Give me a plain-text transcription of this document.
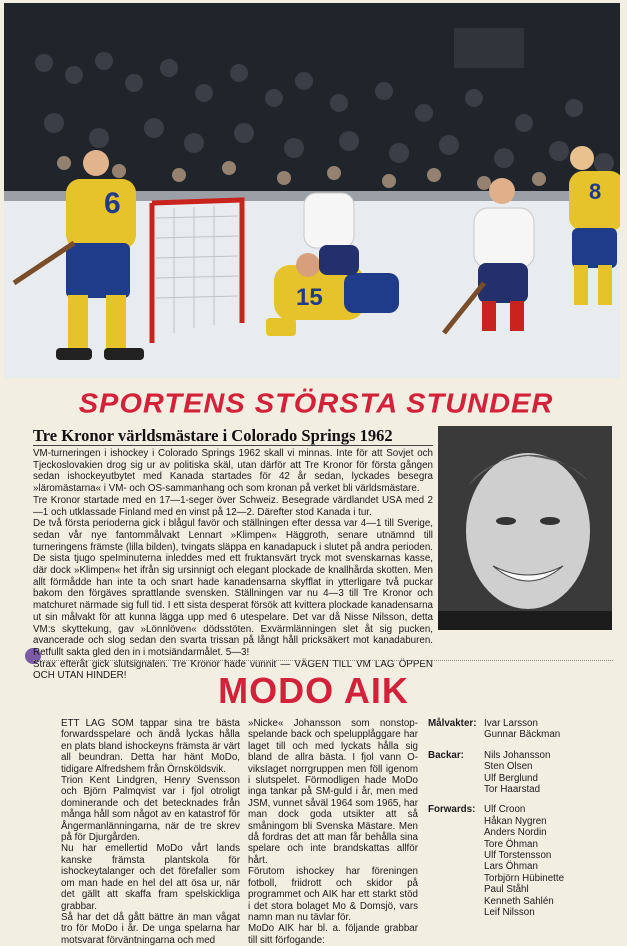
6
15
8
SPORTENS STÖRSTA STUNDER
Tre Kronor världsmästare i Colorado Springs 1962
VM-turneringen i ishockey i Colorado Springs 1962 skall vi minnas. Inte för att Sovjet och Tjeckoslovakien drog sig ur av politiska skäl, utan därför att Tre Kronor för första gången sedan ishockeyutbytet med Kanada startades för 42 år sedan, lyckades besegra »läromästarna« i VM- och OS-sammanhang och som kronan på verket bli världsmästare.
Tre Kronor startade med en 17—1-seger över Schweiz. Besegrade värdlandet USA med 2—1 och utklassade Finland med en vinst på 12—2. Därefter stod Kanada i tur.
De två första perioderna gick i blågul favör och ställningen efter dessa var 4—1 till Sverige, sedan vår nye fantommålvakt Lennart »Klimpen« Häggroth, senare utnämnd till turneringens främste (lilla bilden), tvingats släppa en kanadapuck i slutet på andra perioden. De sista tjugo speIminuterna inleddes med ett fruktansvärt tryck mot svenskarnas kasse, där dock »Klimpen« het ifrån sig ursinnigt och elegant plockade de knallhårda skotten. Men allt förmådde han inte ta och snart hade kanadensarna skyfflat in ytterligare två puckar bakom den förgäves sprattlande svensken. Ställningen var nu 4—3 till Tre Kronor och matchuret närmade sig full tid. I ett sista desperat försök att kvittera plockade kanadensarna ut sin målvakt för att kunna lägga upp med 6 utespelare. Det var då Nisse Nilsson, detta VM:s skyttekung, gav »Lönnlöven« dödsstöten. Exvärmlänningen slet åt sig pucken, avancerade och slog sedan den svarta trissan på långt håll pricksäkert mot kanadaburen. Retfullt sakta gled den in i motsiändarmålet. 5—3!
Strax efteråt gick slutsignalen. Tre Kronor hade vunnit — VÄGEN TILL VM LAG ÖPPEN OCH UTAN HINDER!	MODO AIK
ETT LAG SOM tappar sina tre bästa forwardsspelare och ändå lyckas hålla en plats bland ishockeyns främsta är värt all beundran. Detta har hänt MoDo, tidigare Alfredshem från Örnsköldsvik.
Trion Kent Lindgren, Henry Svensson och Björn Palmqvist var i fjol otroligt dominerande och det betecknades från många håll som något av en katastrof för Ångermanlänningarna, när de tre skrev på för Djurgården.
Nu har emellertid MoDo vårt lands kanske främsta plantskola för ishockeytalanger och det förefaller som om man hade en hel del att ösa ur, när det gällt att skaffa fram spelskickliga grabbar.
Så har det då gått bättre än man vågat tro för MoDo i år. De unga spelarna har motsvarat förväntningarna och med
»Nicke« Johansson som nonstop-spelande back och spelupplåggare har laget till och med lyckats hålla sig bland de allra bästa. I fjol vann O-viksIaget norrgruppen men föll igenom i slutspelet. Förmodligen hade MoDo inga tankar på SM-guld i år, men med JSM, vunnet såväl 1964 som 1965, har man dock goda utsikter att så småningom bli Svenska Mästare. Men då fordras det att man får behålla sina spelare och inte brandskattas allför hårt.
Förutom ishockey har föreningen fotboll, friidrott och skidor på programmet och AIK har ett starkt stöd i det stora bolaget Mo & Domsjö, vars namn man nu tävlar för.
MoDo AIK har bl. a. följande grabbar till sitt förfogande:
Målvakter: Ivar Larsson
Gunnar Bäckman
Backar:	Nils Johansson
Sten Olsen
Ulf Berglund
Tor Haarstad
Forwards: Ulf Croon
Håkan Nygren
Anders Nordin
Tore Öhman
Ulf Torstensson
Lars Öhman
Torbjörn Hübinette
Paul Ståhl
Kenneth Sahlén
Leif Nilsson
